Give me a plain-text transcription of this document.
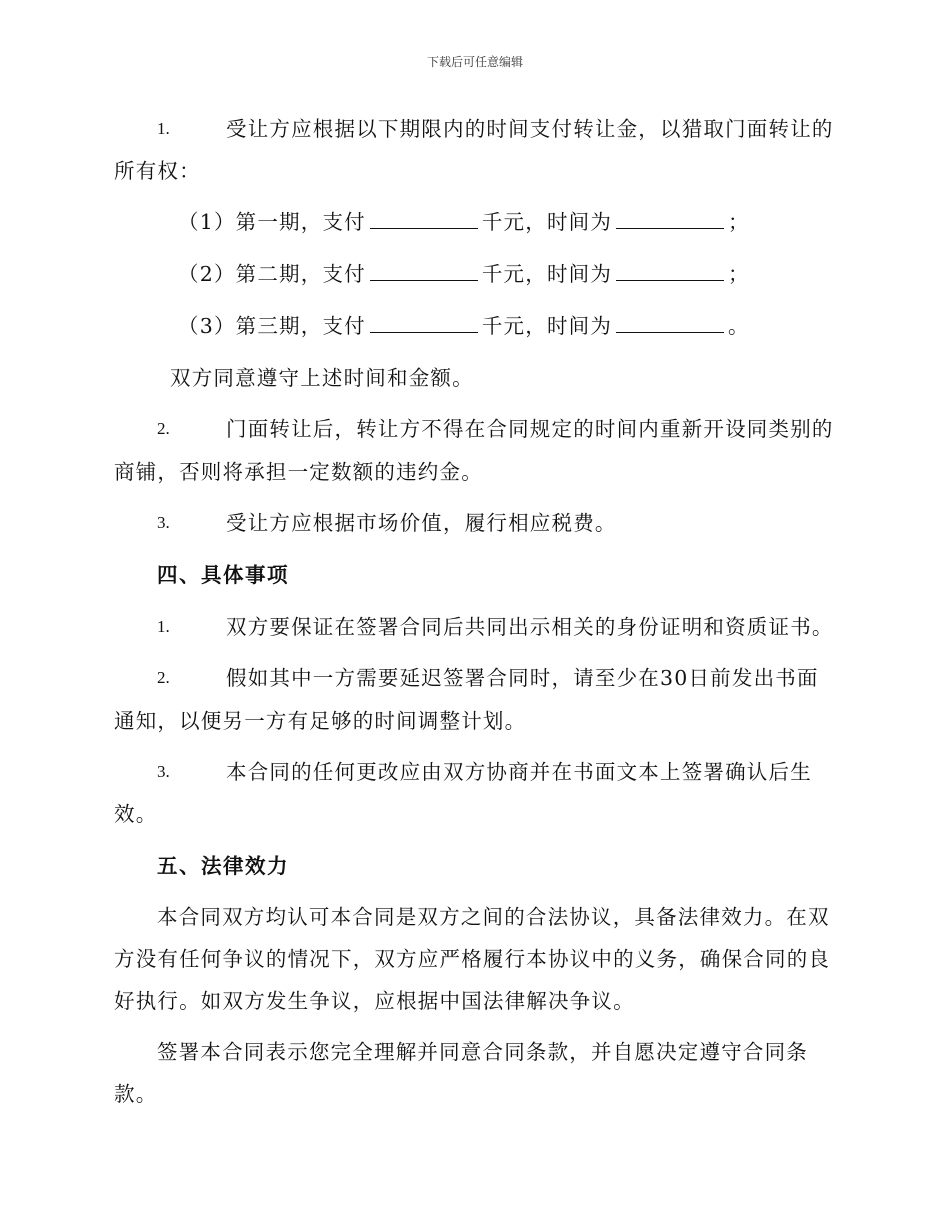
下载后可任意编辑
1.	受让方应根据以下期限内的时间支付转让金，以猎取门面转让的
所有权：
（1）第一期，支付	千元，时间为	；
（2）第二期，支付	千元，时间为	；
（3）第三期，支付	千元，时间为	。
双方同意遵守上述时间和金额。
2.	门面转让后，转让方不得在合同规定的时间内重新开设同类别的
商铺，否则将承担一定数额的违约金。
3.	受让方应根据市场价值，履行相应税费。
四、具体事项
1.	双方要保证在签署合同后共同出示相关的身份证明和资质证书。
2.	假如其中一方需要延迟签署合同时，请至少在30日前发出书面
通知，以便另一方有足够的时间调整计划。
3.	本合同的任何更改应由双方协商并在书面文本上签署确认后生
效。
五、法律效力
本合同双方均认可本合同是双方之间的合法协议，具备法律效力。在双
方没有任何争议的情况下，双方应严格履行本协议中的义务，确保合同的良
好执行。如双方发生争议，应根据中国法律解决争议。
签署本合同表示您完全理解并同意合同条款，并自愿决定遵守合同条
款。
